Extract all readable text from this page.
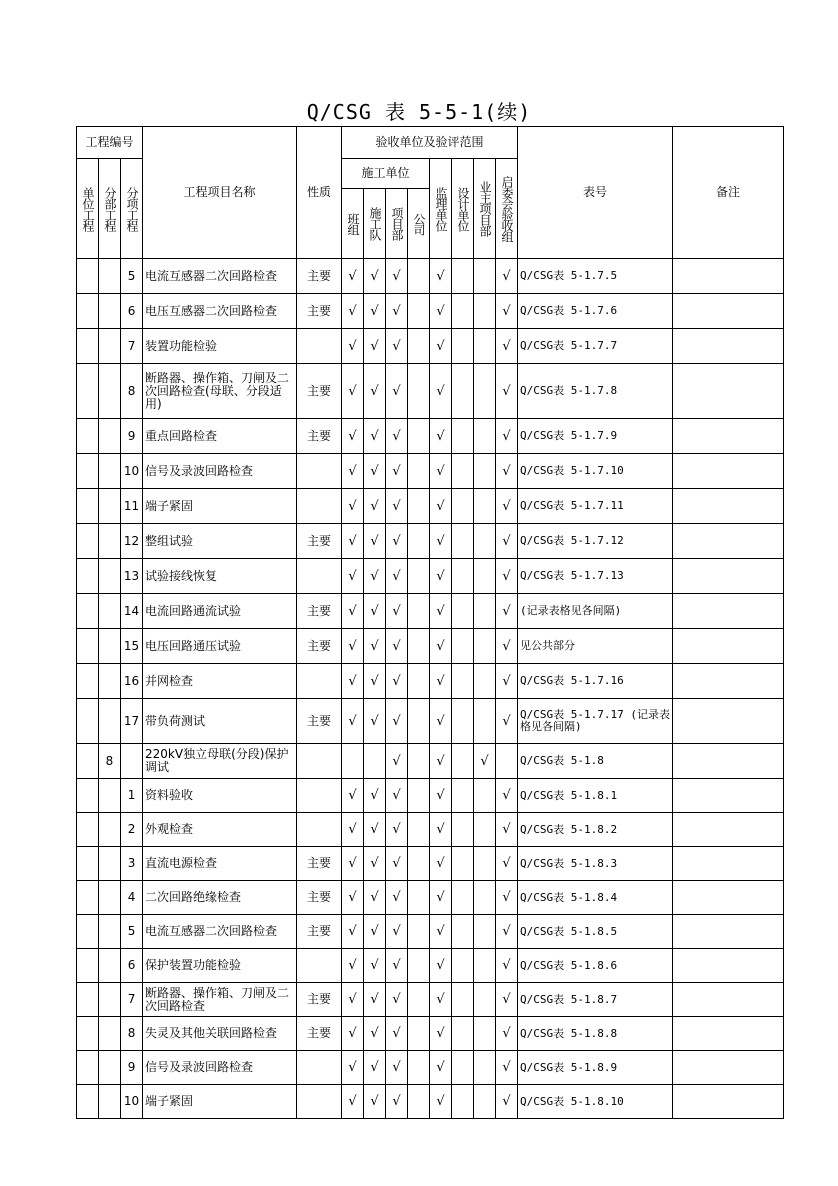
Q/CSG 表 5-5-1(续)
工程编号			工程项目名称	性质	验收单位及验评范围								表号	备注

单位工程	分部工程	分项工程			施工单位				监理单位	设计单位	业主项目部	启委会验收组		

					班组	施工队	项目部	公司						

		5	电流互感器二次回路检查	主要	√	√	√		√			√	Q/CSG表 5-1.7.5	
		6	电压互感器二次回路检查	主要	√	√	√		√			√	Q/CSG表 5-1.7.6	
		7	装置功能检验		√	√	√		√			√	Q/CSG表 5-1.7.7	
		8	断路器、操作箱、刀闸及二次回路检查(母联、分段适用)	主要	√	√	√		√			√	Q/CSG表 5-1.7.8	
		9	重点回路检查	主要	√	√	√		√			√	Q/CSG表 5-1.7.9	
		10	信号及录波回路检查		√	√	√		√			√	Q/CSG表 5-1.7.10	
		11	端子紧固		√	√	√		√			√	Q/CSG表 5-1.7.11	
		12	整组试验	主要	√	√	√		√			√	Q/CSG表 5-1.7.12	
		13	试验接线恢复		√	√	√		√			√	Q/CSG表 5-1.7.13	
		14	电流回路通流试验	主要	√	√	√		√			√	(记录表格见各间隔)	
		15	电压回路通压试验	主要	√	√	√		√			√	见公共部分	
		16	并网检查		√	√	√		√			√	Q/CSG表 5-1.7.16	
		17	带负荷测试	主要	√	√	√		√			√	Q/CSG表 5-1.7.17 (记录表格见各间隔)	
	8		220kV独立母联(分段)保护调试				√		√		√		Q/CSG表 5-1.8	
		1	资料验收		√	√	√		√			√	Q/CSG表 5-1.8.1	
		2	外观检查		√	√	√		√			√	Q/CSG表 5-1.8.2	
		3	直流电源检查	主要	√	√	√		√			√	Q/CSG表 5-1.8.3	
		4	二次回路绝缘检查	主要	√	√	√		√			√	Q/CSG表 5-1.8.4	
		5	电流互感器二次回路检查	主要	√	√	√		√			√	Q/CSG表 5-1.8.5	
		6	保护装置功能检验		√	√	√		√			√	Q/CSG表 5-1.8.6	
		7	断路器、操作箱、刀闸及二次回路检查	主要	√	√	√		√			√	Q/CSG表 5-1.8.7	
		8	失灵及其他关联回路检查	主要	√	√	√		√			√	Q/CSG表 5-1.8.8	
		9	信号及录波回路检查		√	√	√		√			√	Q/CSG表 5-1.8.9	
		10	端子紧固		√	√	√		√			√	Q/CSG表 5-1.8.10	
